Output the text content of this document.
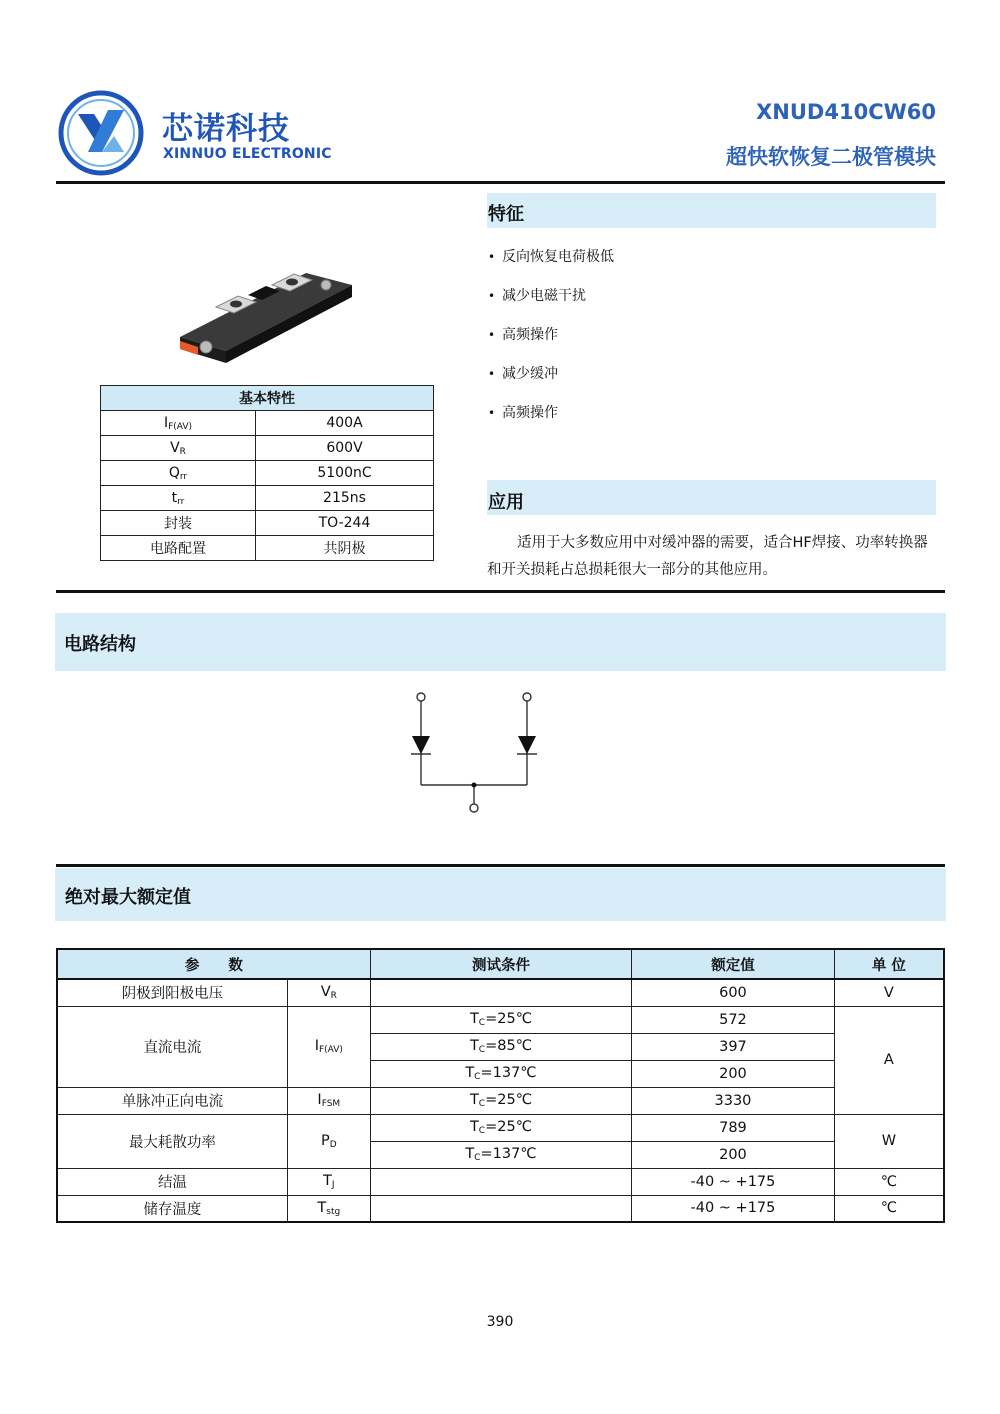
芯诺科技
XINNUO ELECTRONIC
XNUD410CW60
超快软恢复二极管模块
基本特性	
$I_{F(AV)}$	400A
$V_R$	600V
$Q_{rr}$	5100nC
$t_{rr}$	215ns
封装	TO-244
电路配置	共阴极
特征
• 反向恢复电荷极低
• 减少电磁干扰
• 高频操作
• 减少缓冲
• 高频操作
应用

适用于大多数应用中对缓冲器的需要，适合HF焊接、功率转换器和开关损耗占总损耗很大一部分的其他应用。

电路结构
绝对最大额定值
参　　数		测试条件	额定值	单 位
阴极到阳极电压	$V_R$		600	V
直流电流	$I_{F(AV)}$	$T_C=25℃$	572	A
		$T_C=85℃$	397	
		$T_C=137℃$	200	
单脉冲正向电流	$I_{FSM}$	$T_C=25℃$	3330	
最大耗散功率	$P_D$	$T_C=25℃$	789	W
		$T_C=137℃$	200	
结温	$T_J$		-40 ~ +175	℃
储存温度	$T_{stg}$		-40 ~ +175	℃
390
